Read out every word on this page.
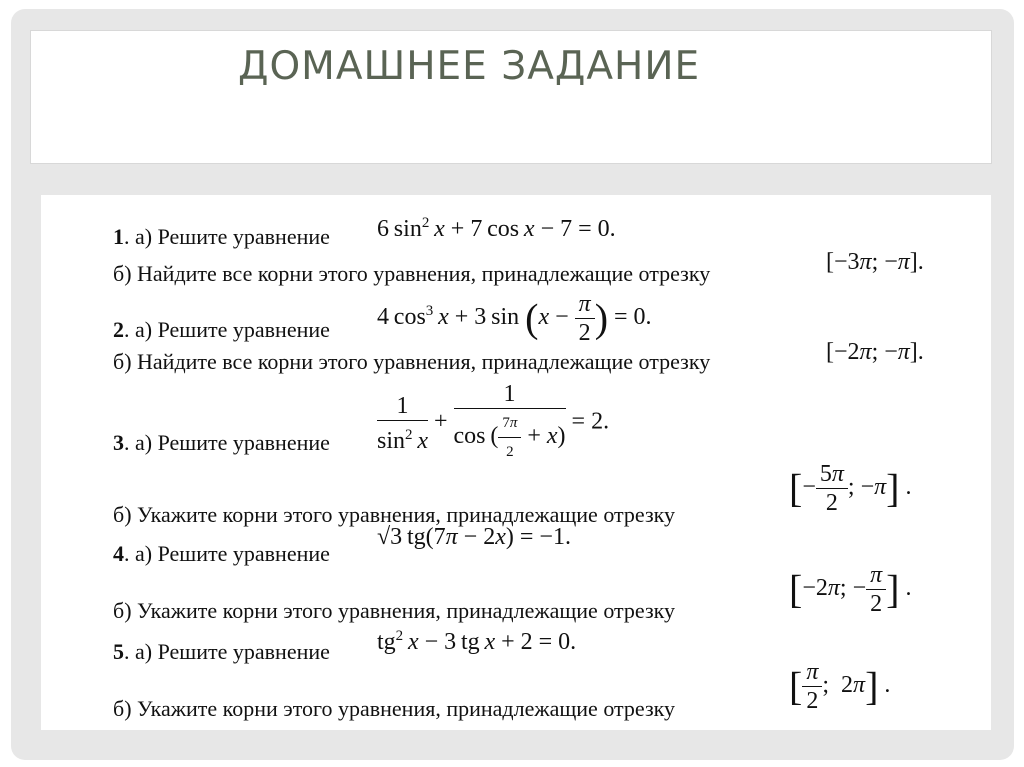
ДОМАШНЕЕ ЗАДАНИЕ
1. а) Решите уравнение 6 $\sin^2 x + 7$ cos x − 7 = 0.
б) Найдите все корни этого уравнения, принадлежащие отрезку	[−3π; −π].
2. а) Решите уравнение 4 $\cos^3 x + 3$ $\sin (x - \frac{\pi}{2}$ ) = 0.
б) Найдите все корни этого уравнения, принадлежащие отрезку	[−2π; −π].
$\frac{1}{\sin^2 x} + \frac{1}{\cos ( \frac{7\pi}{2} + x)} = 2$.
3. а) Решите уравнение
б) Укажите корни этого уравнения, принадлежащие отрезку
[− $\frac{5\pi}{2}$ ; −π] .
√3 tg(7π − 2x) = −1.
4. а) Решите уравнение
б) Укажите корни этого уравнения, принадлежащие отрезку	[−2π; − $\frac{\pi}{2}$ ] .
$tg^2$  x − 3 tg x + 2 = 0.
5. а) Решите уравнение
б) Укажите корни этого уравнения, принадлежащие отрезку	[ $\frac{\pi}{2}$ ;  2π] .
